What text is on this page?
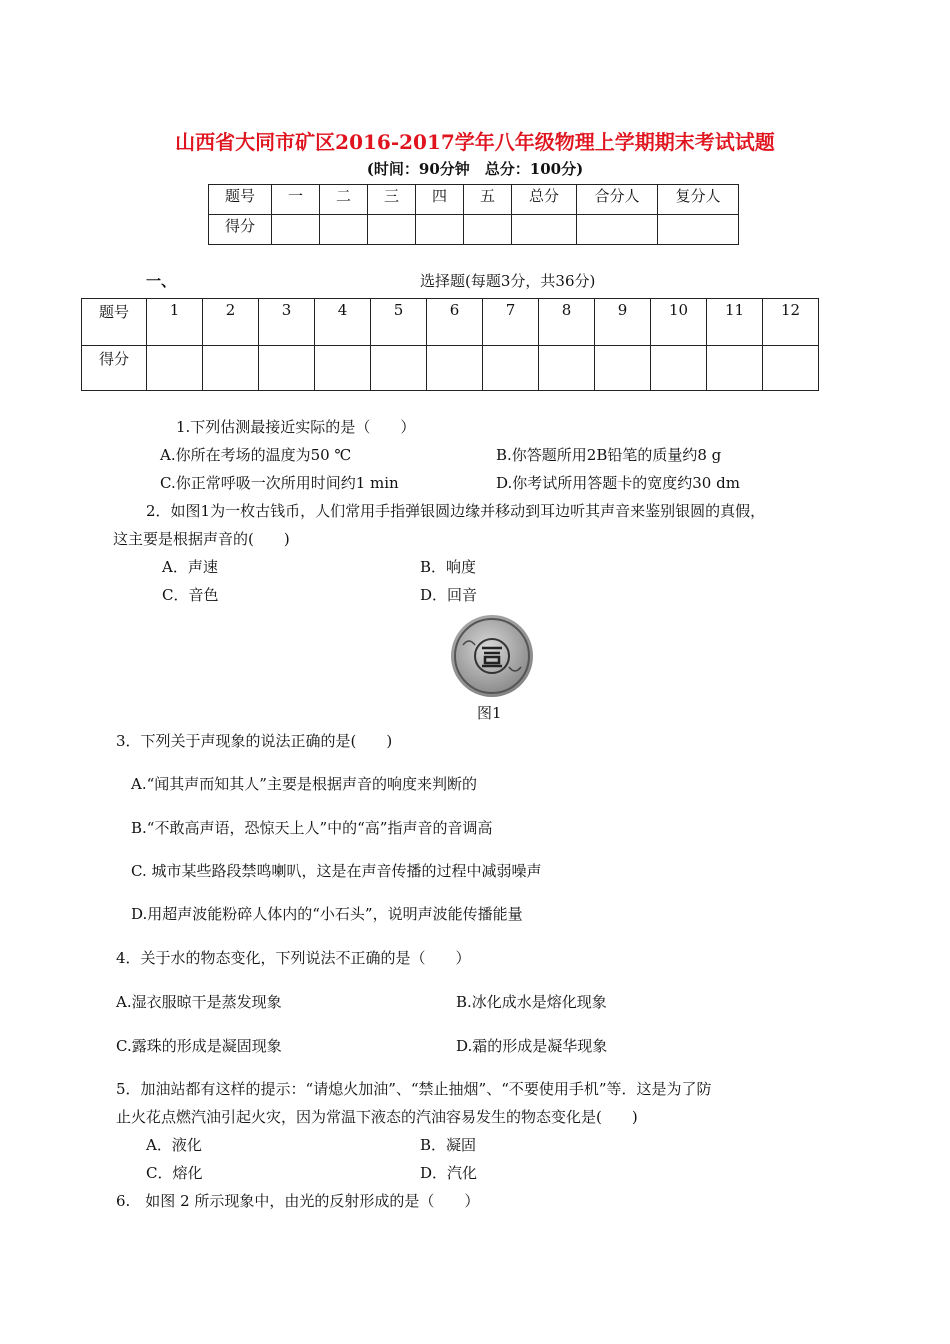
山西省大同市矿区2016-2017学年八年级物理上学期期末考试试题
(时间：90分钟　总分：100分)
题号	一	二	三	四	五	总分	合分人	复分人
得分								
一、	选择题(每题3分，共36分)
题号	1	2	3	4	5	6	7	8	9	10	11	12
得分												
1.下列估测最接近实际的是（　　）
A.你所在考场的温度为50 ℃	B.你答题所用2B铅笔的质量约8 g
C.你正常呼吸一次所用时间约1 min	D.你考试所用答题卡的宽度约30 dm
2．如图1为一枚古钱币，人们常用手指弹银圆边缘并移动到耳边听其声音来鉴别银圆的真假，
这主要是根据声音的(　　)
A．声速	B．响度
C．音色	D．回音
图1
3．下列关于声现象的说法正确的是(　　)
A.“闻其声而知其人”主要是根据声音的响度来判断的
B.“不敢高声语，恐惊天上人”中的“高”指声音的音调高
C. 城市某些路段禁鸣喇叭，这是在声音传播的过程中减弱噪声
D.用超声波能粉碎人体内的“小石头”，说明声波能传播能量
4．关于水的物态变化，下列说法不正确的是（　　）
A.湿衣服晾干是蒸发现象	B.冰化成水是熔化现象
C.露珠的形成是凝固现象	D.霜的形成是凝华现象
5．加油站都有这样的提示：“请熄火加油”、“禁止抽烟”、“不要使用手机”等．这是为了防
止火花点燃汽油引起火灾，因为常温下液态的汽油容易发生的物态变化是(　　)
A．液化	B．凝固
C．熔化	D．汽化
6.　如图 2 所示现象中，由光的反射形成的是（　　）
